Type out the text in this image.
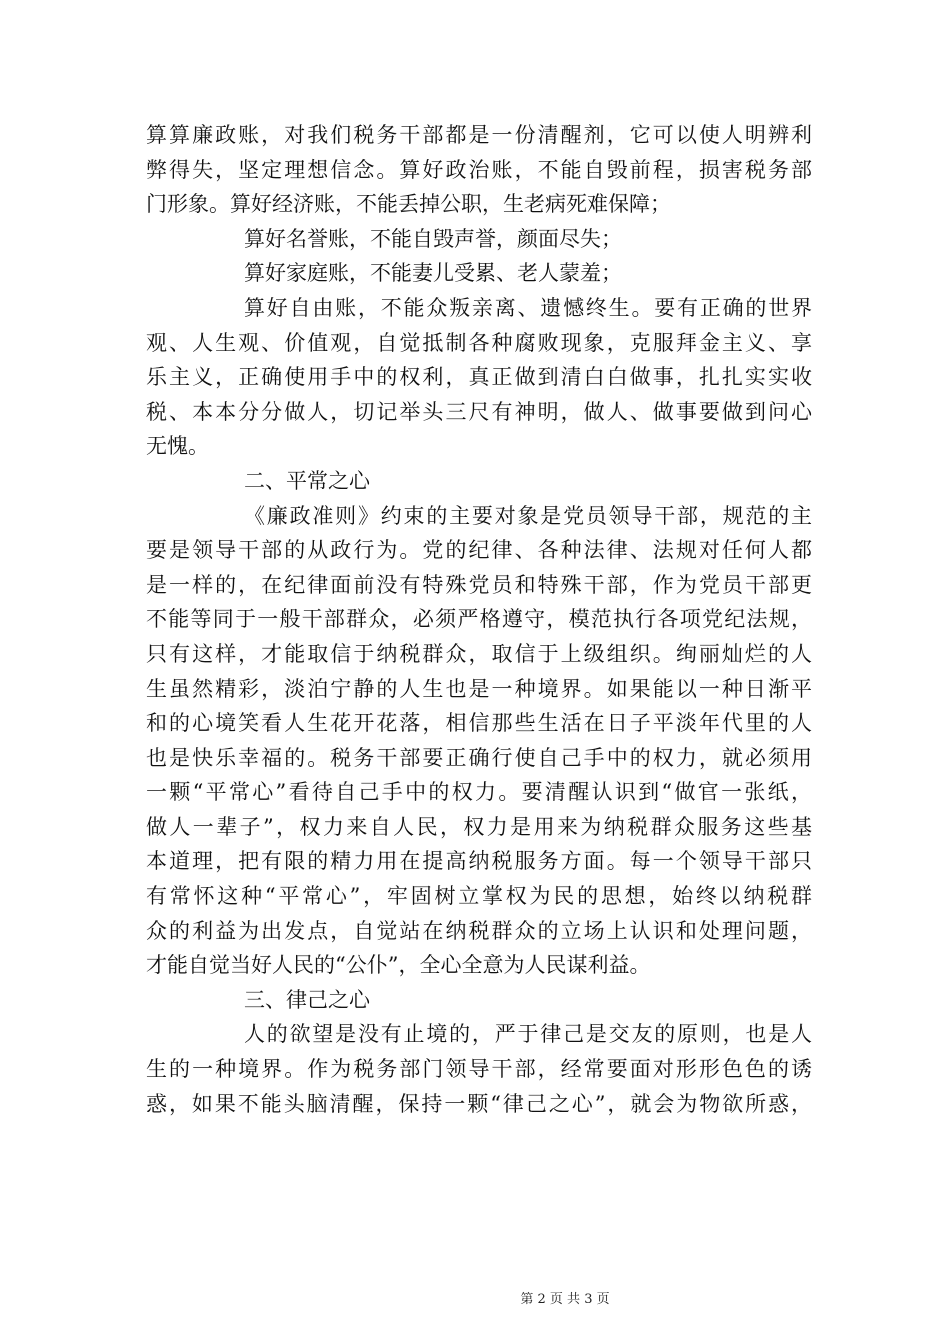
算算廉政账，对我们税务干部都是一份清醒剂，它可以使人明辨利
弊得失，坚定理想信念。算好政治账，不能自毁前程，损害税务部
门形象。算好经济账，不能丢掉公职，生老病死难保障；
算好名誉账，不能自毁声誉，颜面尽失；
算好家庭账，不能妻儿受累、老人蒙羞；
算好自由账，不能众叛亲离、遗憾终生。要有正确的世界
观、人生观、价值观，自觉抵制各种腐败现象，克服拜金主义、享
乐主义，正确使用手中的权利，真正做到清白白做事，扎扎实实收
税、本本分分做人，切记举头三尺有神明，做人、做事要做到问心
无愧。
二、平常之心
《廉政准则》约束的主要对象是党员领导干部，规范的主
要是领导干部的从政行为。党的纪律、各种法律、法规对任何人都
是一样的，在纪律面前没有特殊党员和特殊干部，作为党员干部更
不能等同于一般干部群众，必须严格遵守，模范执行各项党纪法规，
只有这样，才能取信于纳税群众，取信于上级组织。绚丽灿烂的人
生虽然精彩，淡泊宁静的人生也是一种境界。如果能以一种日渐平
和的心境笑看人生花开花落，相信那些生活在日子平淡年代里的人
也是快乐幸福的。税务干部要正确行使自己手中的权力，就必须用
一颗“平常心”看待自己手中的权力。要清醒认识到“做官一张纸，
做人一辈子”，权力来自人民，权力是用来为纳税群众服务这些基
本道理，把有限的精力用在提高纳税服务方面。每一个领导干部只
有常怀这种“平常心”，牢固树立掌权为民的思想，始终以纳税群
众的利益为出发点，自觉站在纳税群众的立场上认识和处理问题，
才能自觉当好人民的“公仆”，全心全意为人民谋利益。
三、律己之心
人的欲望是没有止境的，严于律己是交友的原则，也是人
生的一种境界。作为税务部门领导干部，经常要面对形形色色的诱
惑，如果不能头脑清醒，保持一颗“律己之心”，就会为物欲所惑，
第 2 页 共 3 页
